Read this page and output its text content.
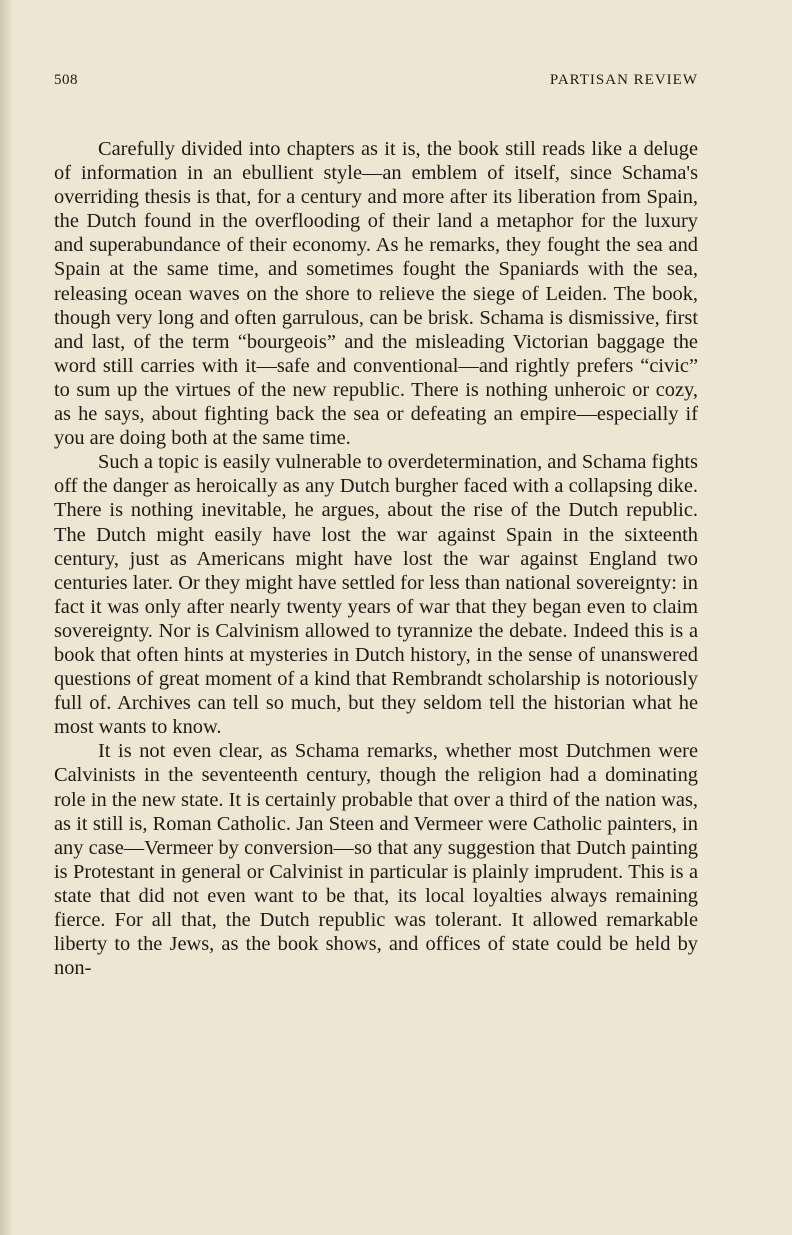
508	PARTISAN REVIEW

Carefully divided into chapters as it is, the book still reads like a deluge of information in an ebullient style—an emblem of itself, since Schama's overriding thesis is that, for a century and more after its liberation from Spain, the Dutch found in the overflooding of their land a metaphor for the luxury and superabundance of their economy. As he remarks, they fought the sea and Spain at the same time, and sometimes fought the Spaniards with the sea, releasing ocean waves on the shore to relieve the siege of Leiden. The book, though very long and often garrulous, can be brisk. Schama is dismissive, first and last, of the term “bourgeois” and the misleading Victorian baggage the word still carries with it—safe and conventional—and rightly prefers “civic” to sum up the virtues of the new republic. There is nothing unheroic or cozy, as he says, about fighting back the sea or defeating an empire—especially if you are doing both at the same time.

Such a topic is easily vulnerable to overdetermination, and Schama fights off the danger as heroically as any Dutch burgher faced with a collapsing dike. There is nothing inevitable, he argues, about the rise of the Dutch republic. The Dutch might easily have lost the war against Spain in the sixteenth century, just as Americans might have lost the war against England two centuries later. Or they might have settled for less than national sovereignty: in fact it was only after nearly twenty years of war that they began even to claim sovereignty. Nor is Calvinism allowed to tyrannize the debate. Indeed this is a book that often hints at mysteries in Dutch history, in the sense of unanswered questions of great moment of a kind that Rembrandt scholarship is notoriously full of. Archives can tell so much, but they seldom tell the historian what he most wants to know.

It is not even clear, as Schama remarks, whether most Dutchmen were Calvinists in the seventeenth century, though the religion had a dominating role in the new state. It is certainly probable that over a third of the nation was, as it still is, Roman Catholic. Jan Steen and Vermeer were Catholic painters, in any case—Vermeer by conversion—so that any suggestion that Dutch painting is Protestant in general or Calvinist in particular is plainly imprudent. This is a state that did not even want to be that, its local loyalties always remaining fierce. For all that, the Dutch republic was tolerant. It allowed remarkable liberty to the Jews, as the book shows, and offices of state could be held by non-
